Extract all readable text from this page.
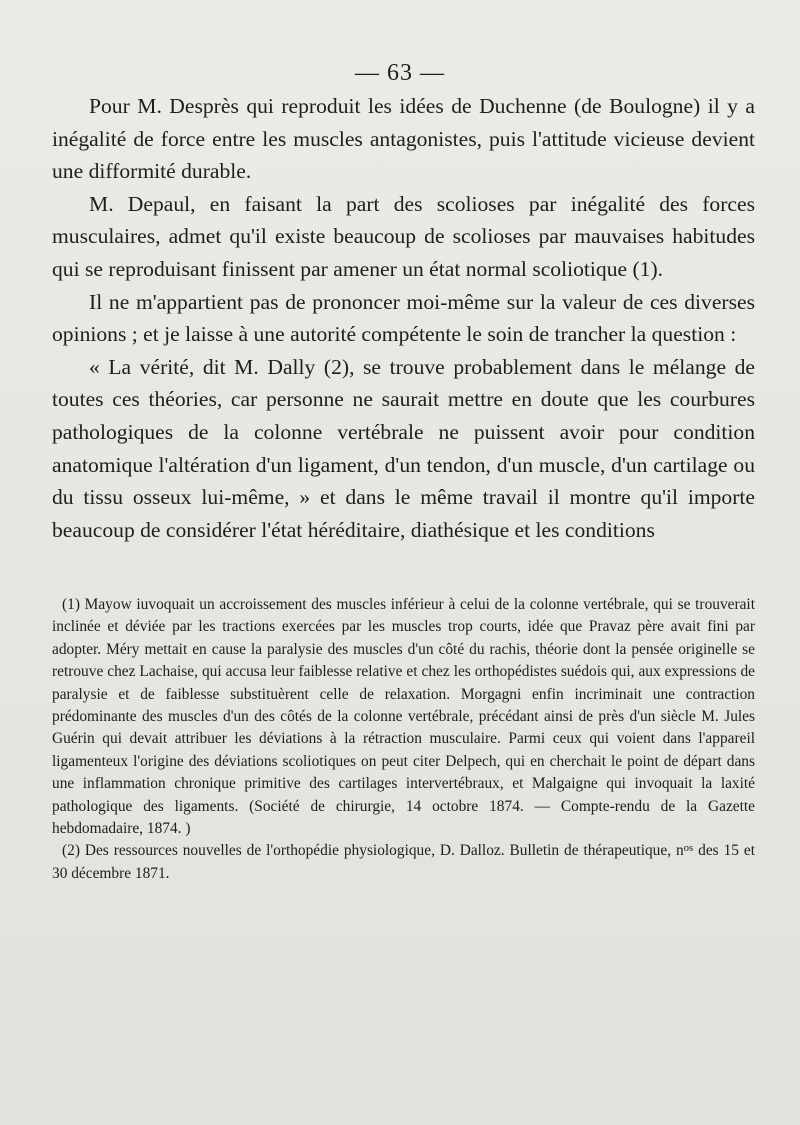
— 63 —

Pour M. Desprès qui reproduit les idées de Duchenne (de Boulogne) il y a inégalité de force entre les muscles antagonistes, puis l'attitude vicieuse devient une difformité durable.

M. Depaul, en faisant la part des scolioses par inégalité des forces musculaires, admet qu'il existe beaucoup de scolioses par mauvaises habitudes qui se reproduisant finissent par amener un état normal scoliotique (1).

Il ne m'appartient pas de prononcer moi-même sur la valeur de ces diverses opinions ; et je laisse à une autorité compétente le soin de trancher la question :

« La vérité, dit M. Dally (2), se trouve probablement dans le mélange de toutes ces théories, car personne ne saurait mettre en doute que les courbures pathologiques de la colonne vertébrale ne puissent avoir pour condition anatomique l'altération d'un ligament, d'un tendon, d'un muscle, d'un cartilage ou du tissu osseux lui-même, » et dans le même travail il montre qu'il importe beaucoup de considérer l'état héréditaire, diathésique et les conditions

(1) Mayow iuvoquait un accroissement des muscles inférieur à celui de la colonne vertébrale, qui se trouverait inclinée et déviée par les tractions exercées par les muscles trop courts, idée que Pravaz père avait fini par adopter. Méry mettait en cause la paralysie des muscles d'un côté du rachis, théorie dont la pensée originelle se retrouve chez Lachaise, qui accusa leur faiblesse relative et chez les orthopédistes suédois qui, aux expressions de paralysie et de faiblesse substituèrent celle de relaxation. Morgagni enfin incriminait une contraction prédominante des muscles d'un des côtés de la colonne vertébrale, précédant ainsi de près d'un siècle M. Jules Guérin qui devait attribuer les déviations à la rétraction musculaire. Parmi ceux qui voient dans l'appareil ligamenteux l'origine des déviations scoliotiques on peut citer Delpech, qui en cherchait le point de départ dans une inflammation chronique primitive des cartilages intervertébraux, et Malgaigne qui invoquait la laxité pathologique des ligaments. (Société de chirurgie, 14 octobre 1874. — Compte-rendu de la Gazette hebdomadaire, 1874. )

(2) Des ressources nouvelles de l'orthopédie physiologique, D. Dalloz. Bulletin de thérapeutique, $n^{os}$ des 15 et 30 décembre 1871.
